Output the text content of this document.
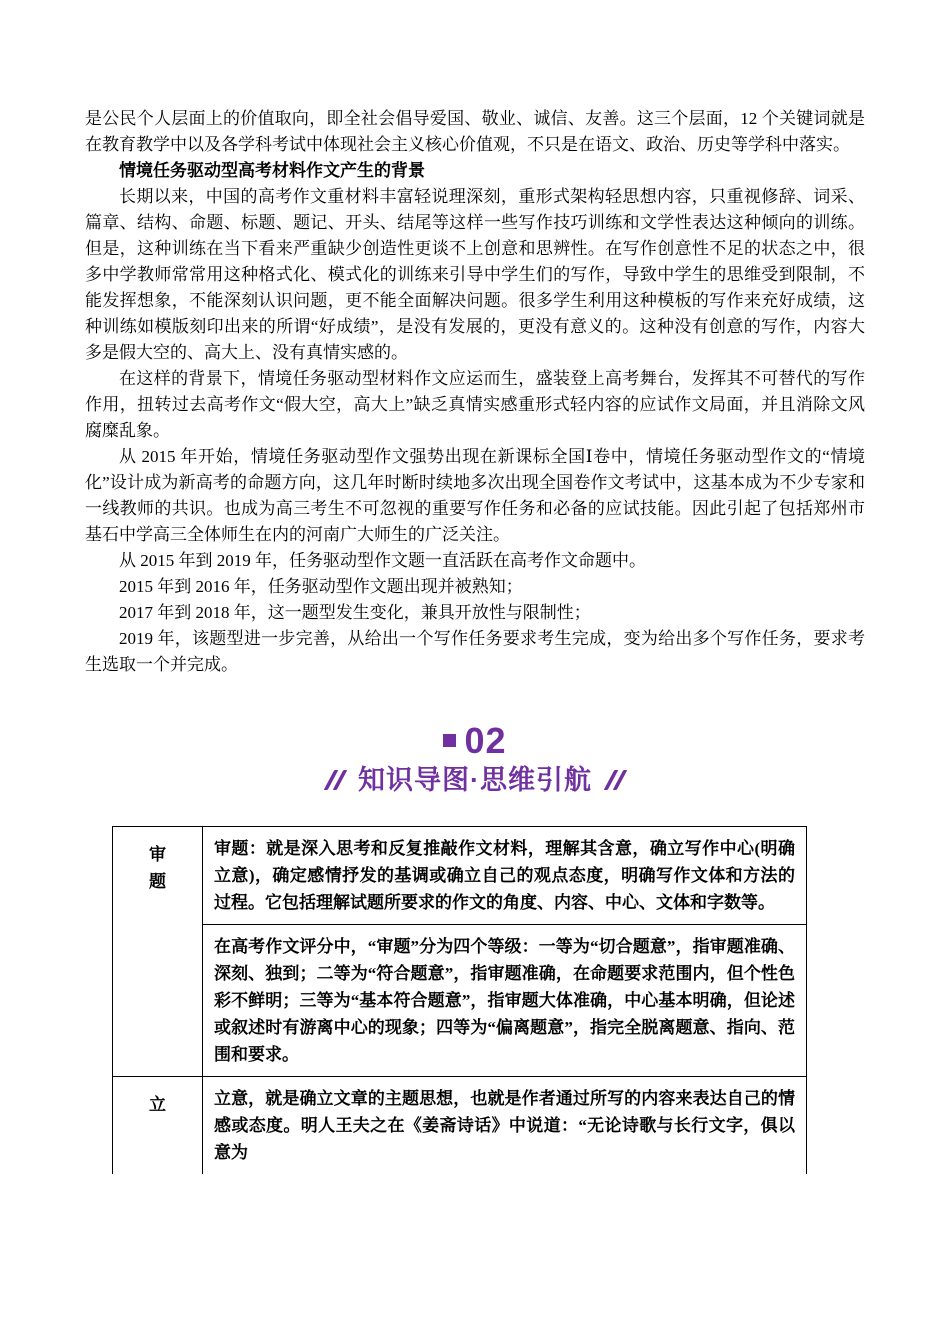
是公民个人层面上的价值取向，即全社会倡导爱国、敬业、诚信、友善。这三个层面，12 个关键词就是在教育教学中以及各学科考试中体现社会主义核心价值观，不只是在语文、政治、历史等学科中落实。

情境任务驱动型高考材料作文产生的背景

长期以来，中国的高考作文重材料丰富轻说理深刻，重形式架构轻思想内容，只重视修辞、词采、篇章、结构、命题、标题、题记、开头、结尾等这样一些写作技巧训练和文学性表达这种倾向的训练。但是，这种训练在当下看来严重缺少创造性更谈不上创意和思辨性。在写作创意性不足的状态之中，很多中学教师常常用这种格式化、模式化的训练来引导中学生们的写作，导致中学生的思维受到限制，不能发挥想象，不能深刻认识问题，更不能全面解决问题。很多学生利用这种模板的写作来充好成绩，这种训练如模版刻印出来的所谓“好成绩”，是没有发展的，更没有意义的。这种没有创意的写作，内容大多是假大空的、高大上、没有真情实感的。

在这样的背景下，情境任务驱动型材料作文应运而生，盛装登上高考舞台，发挥其不可替代的写作作用，扭转过去高考作文“假大空，高大上”缺乏真情实感重形式轻内容的应试作文局面，并且消除文风腐糜乱象。

从 2015 年开始，情境任务驱动型作文强势出现在新课标全国Ⅰ卷中，情境任务驱动型作文的“情境化”设计成为新高考的命题方向，这几年时断时续地多次出现全国卷作文考试中，这基本成为不少专家和一线教师的共识。也成为高三考生不可忽视的重要写作任务和必备的应试技能。因此引起了包括郑州市基石中学高三全体师生在内的河南广大师生的广泛关注。

从 2015 年到 2019 年，任务驱动型作文题一直活跃在高考作文命题中。

2015 年到 2016 年，任务驱动型作文题出现并被熟知；

2017 年到 2018 年，这一题型发生变化，兼具开放性与限制性；

2019 年，该题型进一步完善，从给出一个写作任务要求考生完成，变为给出多个写作任务，要求考生选取一个并完成。

02
知识导图·思维引航
审题	审题：就是深入思考和反复推敲作文材料，理解其含意，确立写作中心(明确立意)，确定感情抒发的基调或确立自己的观点态度，明确写作文体和方法的过程。它包括理解试题所要求的作文的角度、内容、中心、文体和字数等。
	在高考作文评分中，“审题”分为四个等级：一等为“切合题意”，指审题准确、深刻、独到；二等为“符合题意”，指审题准确，在命题要求范围内，但个性色彩不鲜明；三等为“基本符合题意”，指审题大体准确，中心基本明确，但论述或叙述时有游离中心的现象；四等为“偏离题意”，指完全脱离题意、指向、范围和要求。
立	立意，就是确立文章的主题思想，也就是作者通过所写的内容来表达自己的情感或态度。明人王夫之在《姜斋诗话》中说道：“无论诗歌与长行文字，俱以意为
